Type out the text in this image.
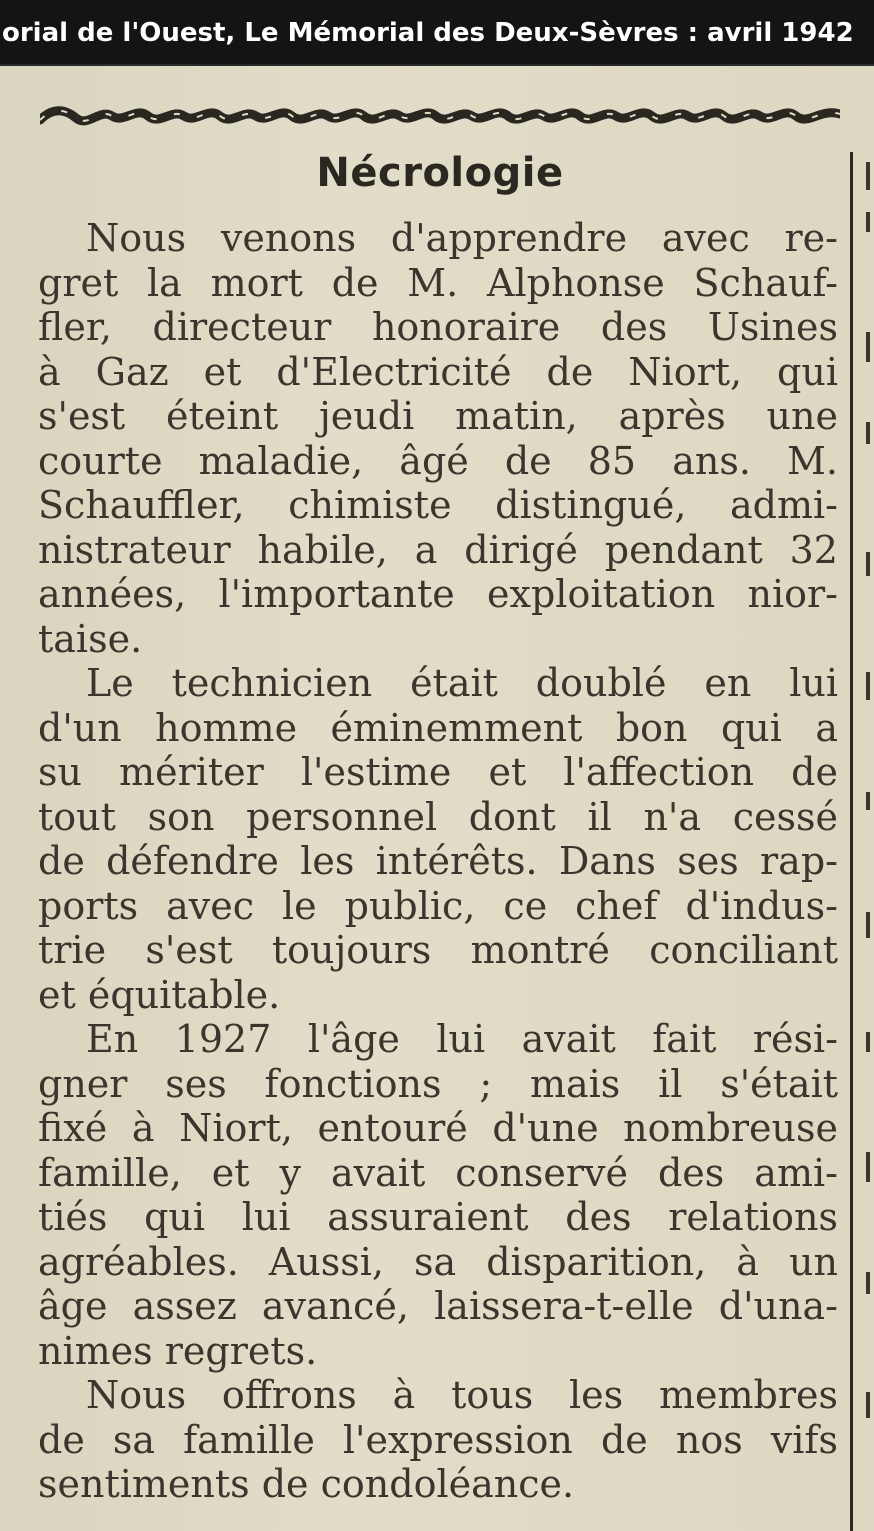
orial de l'Ouest, Le Mémorial des Deux-Sèvres : avril 1942
Nécrologie
Nous venons d'apprendre avec re-
gret la mort de M. Alphonse Schauf-
fler, directeur honoraire des Usines
à Gaz et d'Electricité de Niort, qui
s'est éteint jeudi matin, après une
courte maladie, âgé de 85 ans. M.
Schauffler, chimiste distingué, admi-
nistrateur habile, a dirigé pendant 32
années, l'importante exploitation nior-
taise.
Le technicien était doublé en lui
d'un homme éminemment bon qui a
su mériter l'estime et l'affection de
tout son personnel dont il n'a cessé
de défendre les intérêts. Dans ses rap-
ports avec le public, ce chef d'indus-
trie s'est toujours montré conciliant
et équitable.
En 1927 l'âge lui avait fait rési-
gner ses fonctions ; mais il s'était
fixé à Niort, entouré d'une nombreuse
famille, et y avait conservé des ami-
tiés qui lui assuraient des relations
agréables. Aussi, sa disparition, à un
âge assez avancé, laissera-t-elle d'una-
nimes regrets.
Nous offrons à tous les membres
de sa famille l'expression de nos vifs
sentiments de condoléance.
